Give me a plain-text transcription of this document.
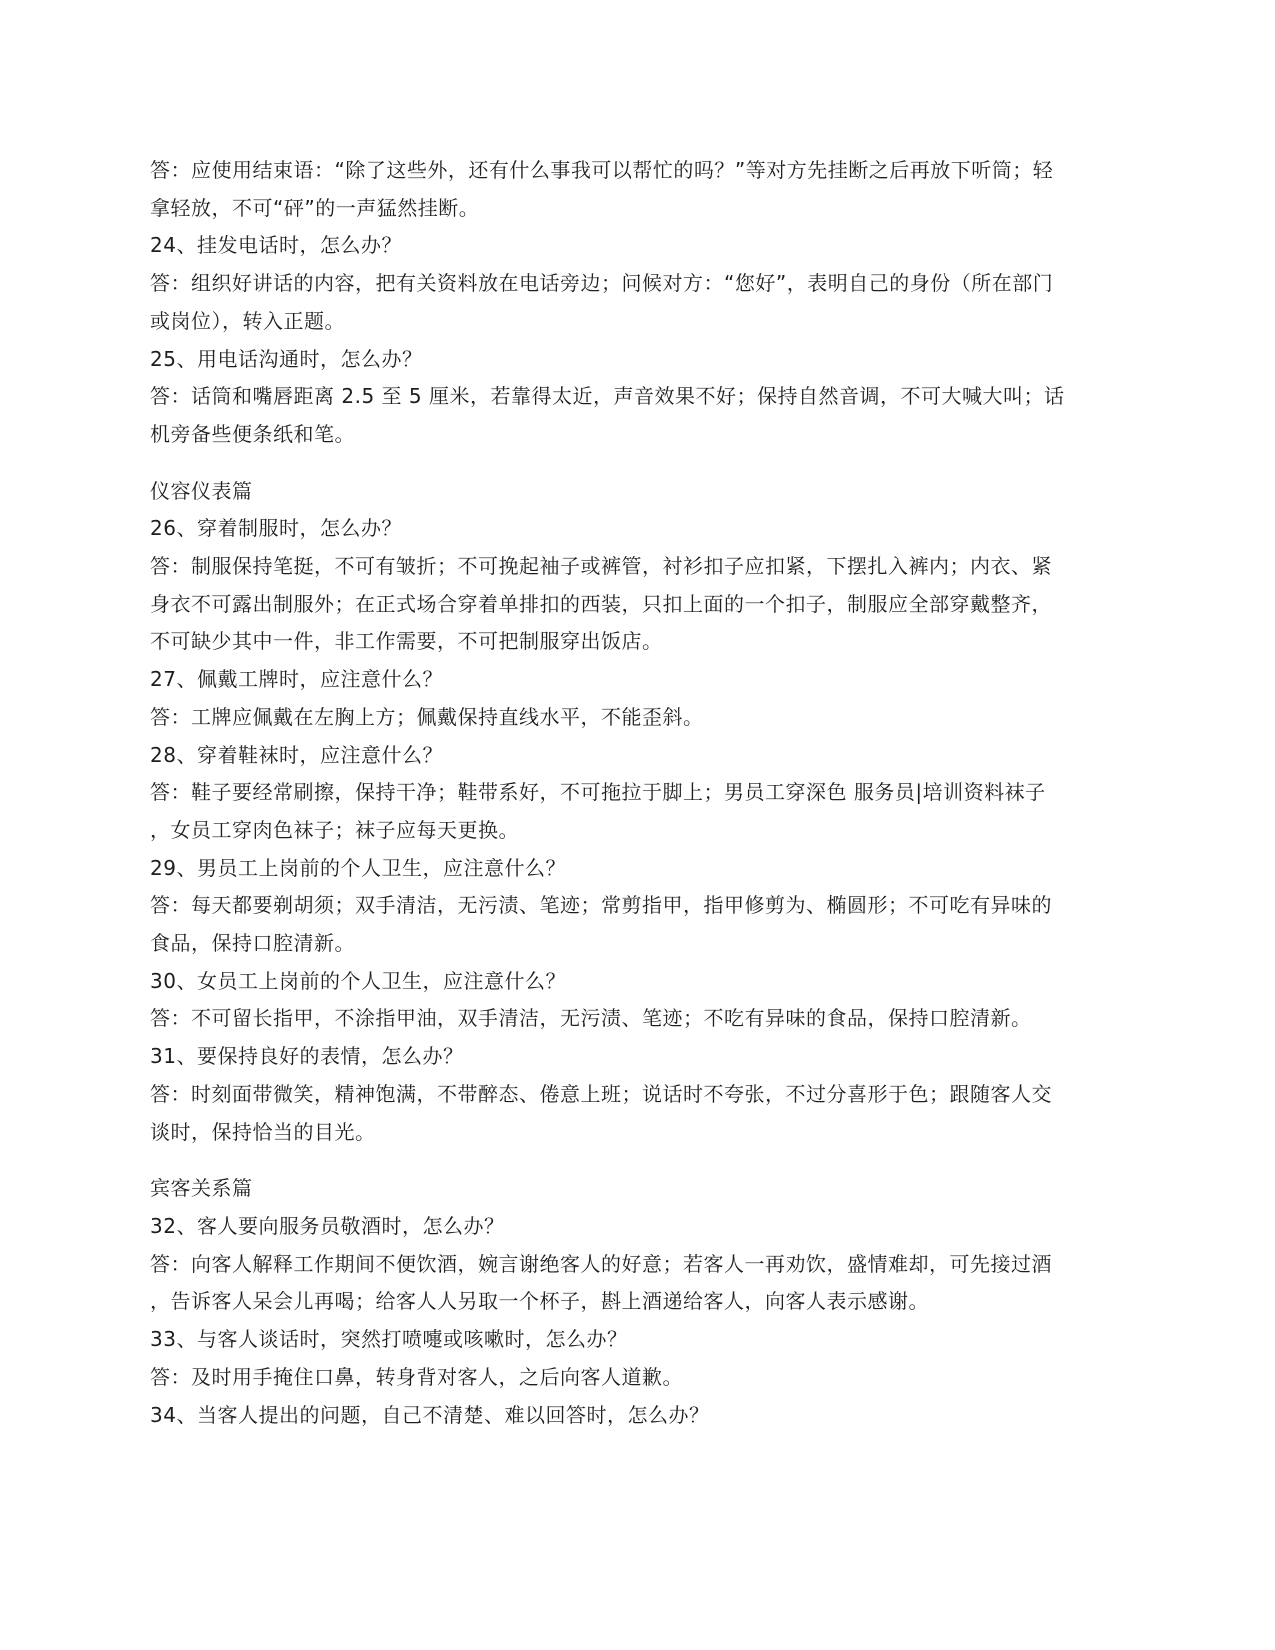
答：应使用结束语：“除了这些外，还有什么事我可以帮忙的吗？”等对方先挂断之后再放下听筒；轻
拿轻放，不可“砰”的一声猛然挂断。
24、挂发电话时，怎么办？
答：组织好讲话的内容，把有关资料放在电话旁边；问候对方：“您好”，表明自己的身份（所在部门
或岗位），转入正题。
25、用电话沟通时，怎么办？
答：话筒和嘴唇距离 2.5 至 5 厘米，若靠得太近，声音效果不好；保持自然音调，不可大喊大叫；话
机旁备些便条纸和笔。
仪容仪表篇
26、穿着制服时，怎么办？
答：制服保持笔挺，不可有皱折；不可挽起袖子或裤管，衬衫扣子应扣紧，下摆扎入裤内；内衣、紧
身衣不可露出制服外；在正式场合穿着单排扣的西装，只扣上面的一个扣子，制服应全部穿戴整齐，
不可缺少其中一件，非工作需要，不可把制服穿出饭店。
27、佩戴工牌时，应注意什么？
答：工牌应佩戴在左胸上方；佩戴保持直线水平，不能歪斜。
28、穿着鞋袜时，应注意什么？
答：鞋子要经常刷擦，保持干净；鞋带系好，不可拖拉于脚上；男员工穿深色 服务员|培训资料袜子
，女员工穿肉色袜子；袜子应每天更换。
29、男员工上岗前的个人卫生，应注意什么？
答：每天都要剃胡须；双手清洁，无污渍、笔迹；常剪指甲，指甲修剪为、椭圆形；不可吃有异味的
食品，保持口腔清新。
30、女员工上岗前的个人卫生，应注意什么？
答：不可留长指甲，不涂指甲油，双手清洁，无污渍、笔迹；不吃有异味的食品，保持口腔清新。
31、要保持良好的表情，怎么办？
答：时刻面带微笑，精神饱满，不带醉态、倦意上班；说话时不夸张，不过分喜形于色；跟随客人交
谈时，保持恰当的目光。
宾客关系篇
32、客人要向服务员敬酒时，怎么办？
答：向客人解释工作期间不便饮酒，婉言谢绝客人的好意；若客人一再劝饮，盛情难却，可先接过酒
，告诉客人呆会儿再喝；给客人人另取一个杯子，斟上酒递给客人，向客人表示感谢。
33、与客人谈话时，突然打喷嚏或咳嗽时，怎么办？
答：及时用手掩住口鼻，转身背对客人，之后向客人道歉。
34、当客人提出的问题，自己不清楚、难以回答时，怎么办？
